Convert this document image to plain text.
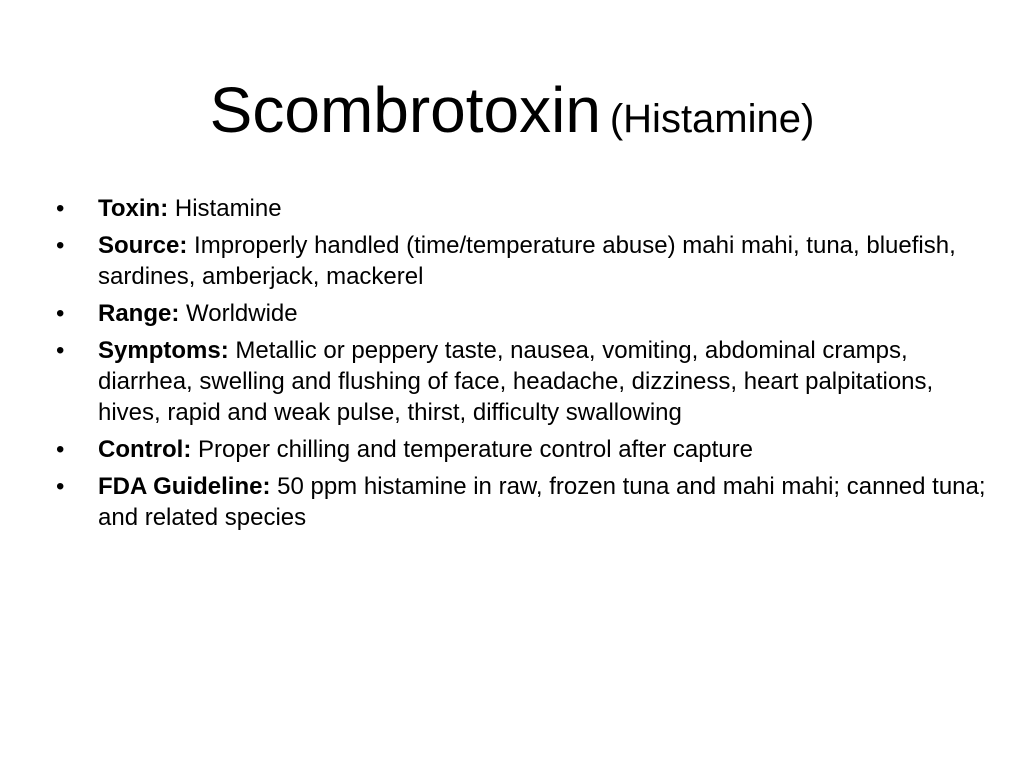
Scombrotoxin (Histamine)
•	Toxin: Histamine
•	Source: Improperly handled (time/temperature abuse) mahi mahi, tuna, bluefish, sardines, amberjack, mackerel
•	Range: Worldwide
•	Symptoms: Metallic or peppery taste, nausea, vomiting, abdominal cramps, diarrhea, swelling and flushing of face, headache, dizziness, heart palpitations, hives, rapid and weak pulse, thirst, difficulty swallowing
•	Control: Proper chilling and temperature control after capture
•	FDA Guideline: 50 ppm histamine in raw, frozen tuna and mahi mahi; canned tuna; and related species
